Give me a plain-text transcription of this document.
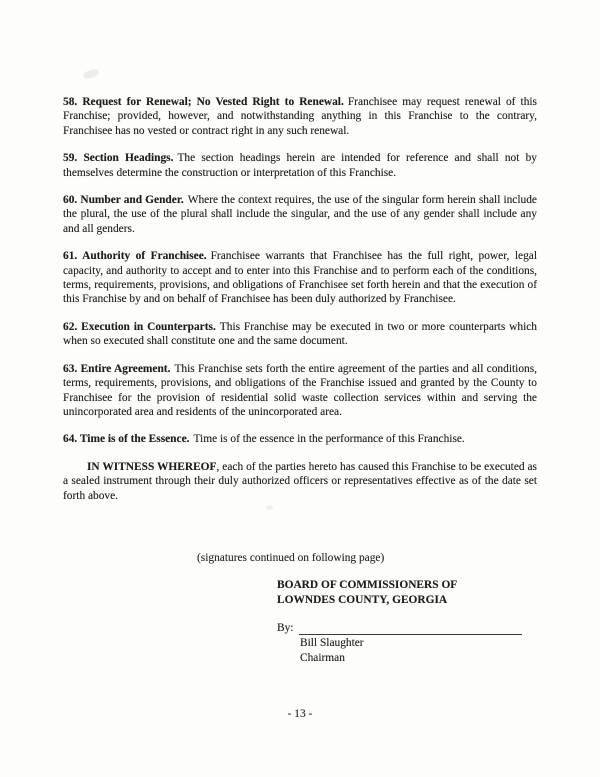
58. Request for Renewal; No Vested Right to Renewal. Franchisee may request renewal of this Franchise; provided, however, and notwithstanding anything in this Franchise to the contrary, Franchisee has no vested or contract right in any such renewal.

59. Section Headings. The section headings herein are intended for reference and shall not by themselves determine the construction or interpretation of this Franchise.

60. Number and Gender. Where the context requires, the use of the singular form herein shall include the plural, the use of the plural shall include the singular, and the use of any gender shall include any and all genders.

61. Authority of Franchisee. Franchisee warrants that Franchisee has the full right, power, legal capacity, and authority to accept and to enter into this Franchise and to perform each of the conditions, terms, requirements, provisions, and obligations of Franchisee set forth herein and that the execution of this Franchise by and on behalf of Franchisee has been duly authorized by Franchisee.

62. Execution in Counterparts. This Franchise may be executed in two or more counterparts which when so executed shall constitute one and the same document.

63. Entire Agreement. This Franchise sets forth the entire agreement of the parties and all conditions, terms, requirements, provisions, and obligations of the Franchise issued and granted by the County to Franchisee for the provision of residential solid waste collection services within and serving the unincorporated area and residents of the unincorporated area.

64. Time is of the Essence. Time is of the essence in the performance of this Franchise.

IN WITNESS WHEREOF, each of the parties hereto has caused this Franchise to be executed as a sealed instrument through their duly authorized officers or representatives effective as of the date set forth above.

(signatures continued on following page)
BOARD OF COMMISSIONERS OF
LOWNDES COUNTY, GEORGIA
By:
Bill Slaughter
Chairman
- 13 -
